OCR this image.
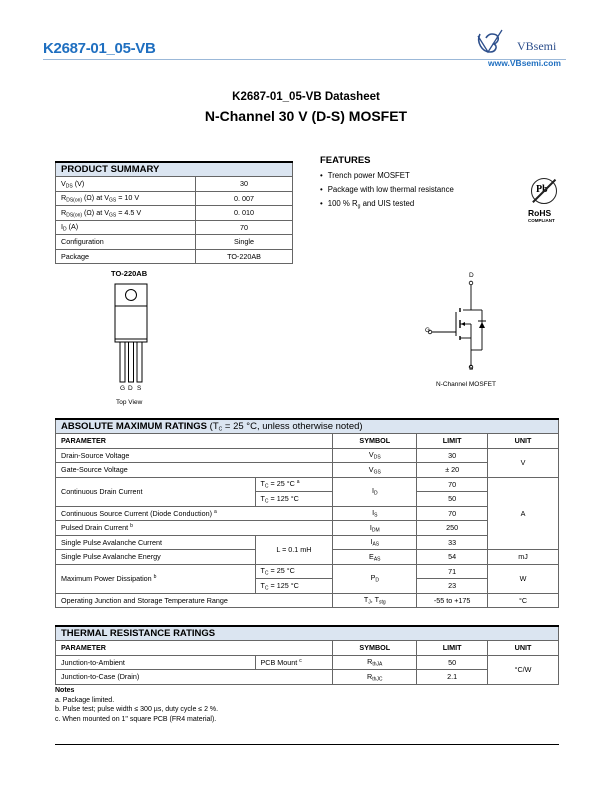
K2687-01_05-VB	VBsemi
www.VBsemi.com
K2687-01_05-VB Datasheet
N-Channel 30 V (D-S) MOSFET
PRODUCT SUMMARY	
$V_{DS}$ (V)	30
$R_{DS(on)}$ (Ω) at $V_{GS} = 10$ V	0. 007
$R_{DS(on)}$ (Ω) at $V_{GS} = 4.5$ V	0. 010
$I_D$ (A)	70
Configuration	Single
Package	TO-220AB
FEATURES
• Trench power MOSFET
• Package with low thermal resistance
• 100 % $R_g$ and UIS tested
Pb
RoHS
COMPLIANT
TO-220AB
G D S
Top View
D
G
S
N-Channel MOSFET
ABSOLUTE MAXIMUM RATINGS ($T_C = 25$ °C, unless otherwise noted)				
PARAMETER		SYMBOL	LIMIT	UNIT
Drain-Source Voltage		$V_{DS}$	30	V
Gate-Source Voltage		$V_{GS}$	± 20	
Continuous Drain Current	$T_C = 25$ °C $^a$	$I_D$	70	A
	$T_C = 125$ °C		50	
Continuous Source Current (Diode Conduction) $^a$		$I_S$	70	
Pulsed Drain Current $^b$		$I_{DM}$	250	
Single Pulse Avalanche Current	L = 0.1 mH	$I_{AS}$	33	
Single Pulse Avalanche Energy		$E_{AS}$	54	mJ
Maximum Power Dissipation $^b$	$T_C = 25$ °C	$P_D$	71	W
	$T_C = 125$ °C		23	
Operating Junction and Storage Temperature Range		$T_J$, $T_{stg}$	-55 to +175	°C
THERMAL RESISTANCE RATINGS				
PARAMETER		SYMBOL	LIMIT	UNIT
Junction-to-Ambient	PCB Mount $^c$	$R_{thJA}$	50	°C/W
Junction-to-Case (Drain)		$R_{thJC}$	2.1	
Notes
a. Package limited.
b. Pulse test; pulse width ≤ 300 µs, duty cycle ≤ 2 %.
c. When mounted on 1" square PCB (FR4 material).
